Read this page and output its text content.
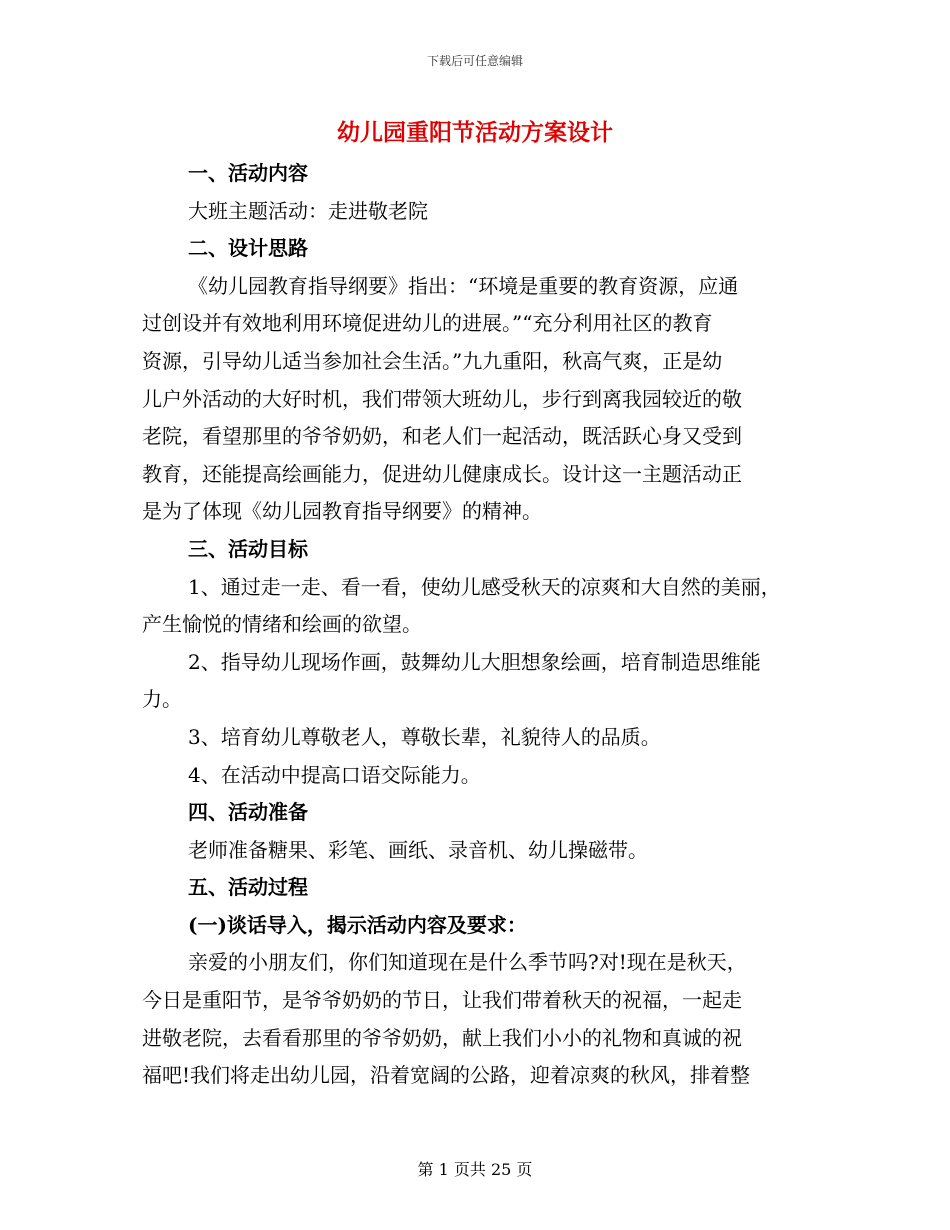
下载后可任意编辑
幼儿园重阳节活动方案设计
一、活动内容
大班主题活动：走进敬老院
二、设计思路
《幼儿园教育指导纲要》指出：“环境是重要的教育资源，应通
过创设并有效地利用环境促进幼儿的进展。”“充分利用社区的教育
资源，引导幼儿适当参加社会生活。”九九重阳，秋高气爽，正是幼
儿户外活动的大好时机，我们带领大班幼儿，步行到离我园较近的敬
老院，看望那里的爷爷奶奶，和老人们一起活动，既活跃心身又受到
教育，还能提高绘画能力，促进幼儿健康成长。设计这一主题活动正
是为了体现《幼儿园教育指导纲要》的精神。
三、活动目标
1、通过走一走、看一看，使幼儿感受秋天的凉爽和大自然的美丽，
产生愉悦的情绪和绘画的欲望。
2、指导幼儿现场作画，鼓舞幼儿大胆想象绘画，培育制造思维能
力。
3、培育幼儿尊敬老人，尊敬长辈，礼貌待人的品质。
4、在活动中提高口语交际能力。
四、活动准备
老师准备糖果、彩笔、画纸、录音机、幼儿操磁带。
五、活动过程
(一)谈话导入，揭示活动内容及要求：
亲爱的小朋友们，你们知道现在是什么季节吗?对!现在是秋天，
今日是重阳节，是爷爷奶奶的节日，让我们带着秋天的祝福，一起走
进敬老院，去看看那里的爷爷奶奶，献上我们小小的礼物和真诚的祝
福吧!我们将走出幼儿园，沿着宽阔的公路，迎着凉爽的秋风，排着整
第 1 页共 25 页
